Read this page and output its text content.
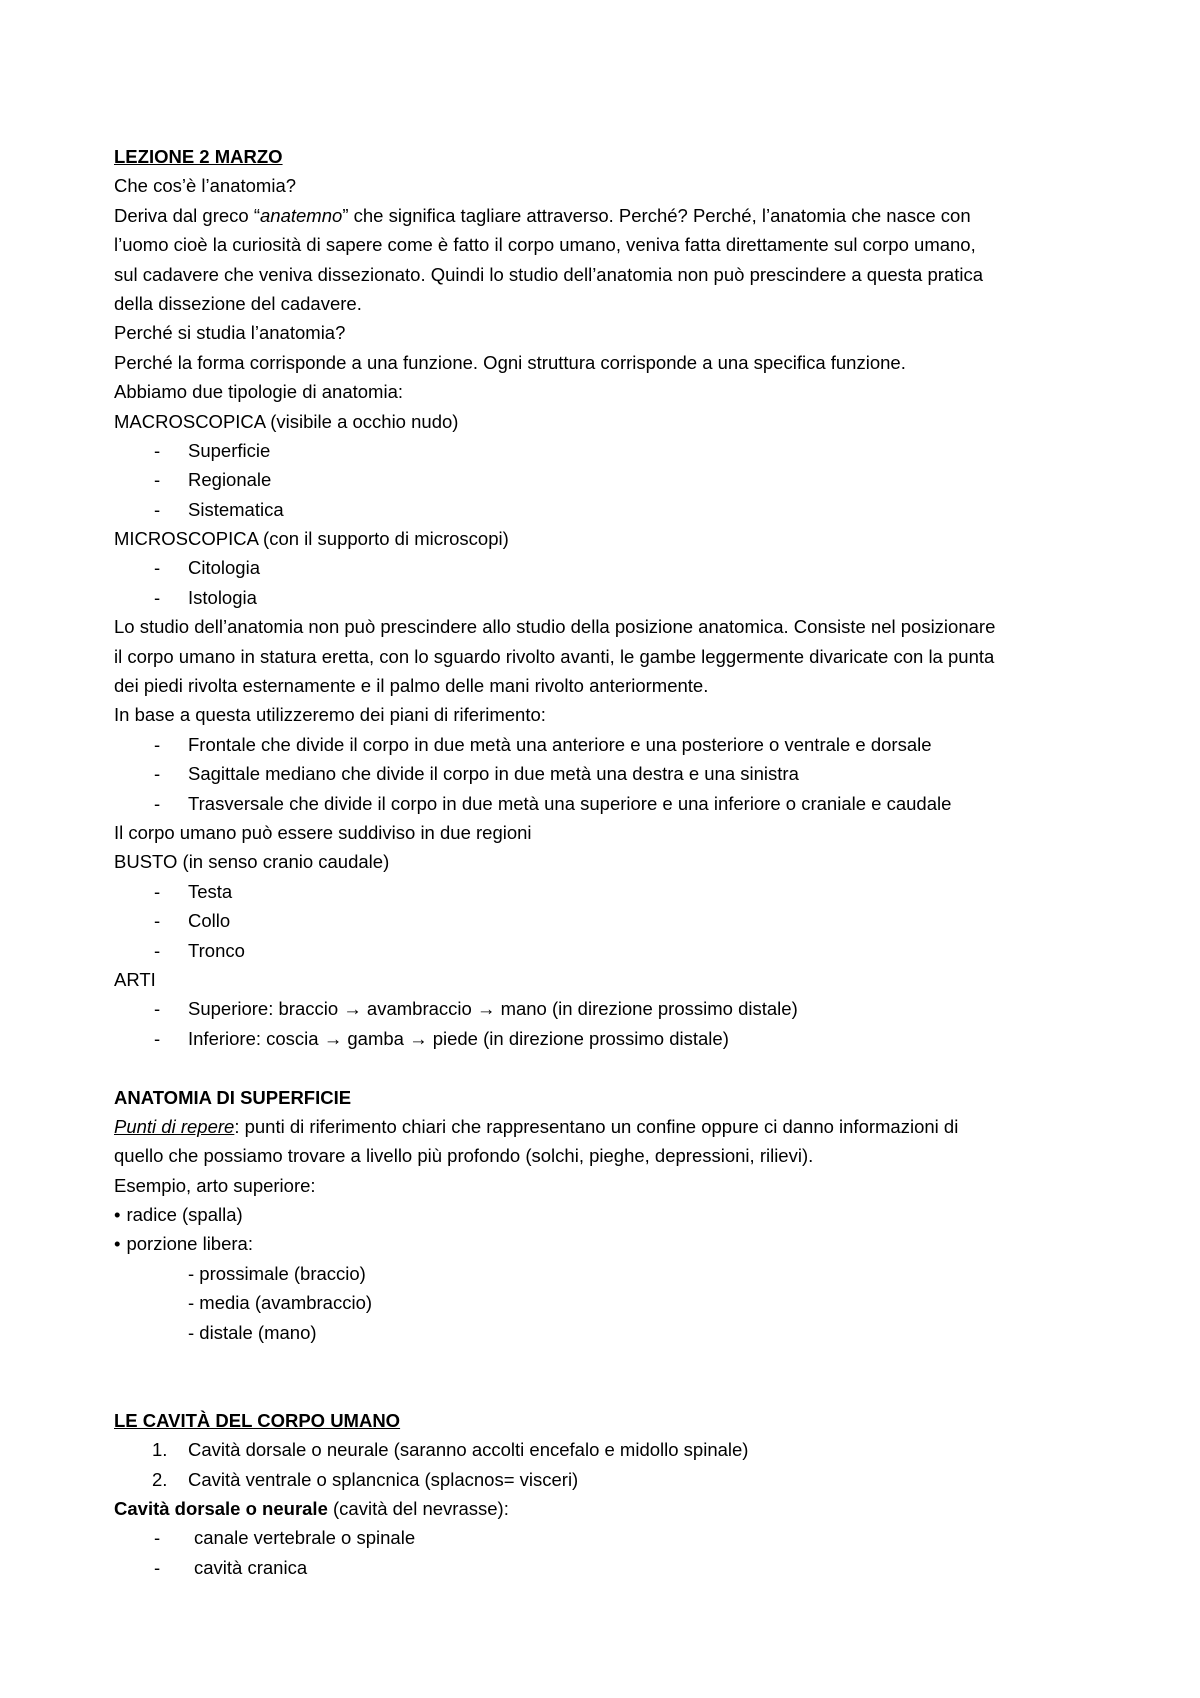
LEZIONE 2 MARZO
Che cos’è l’anatomia?
Deriva dal greco “anatemno” che significa tagliare attraverso. Perché? Perché, l’anatomia che nasce con
l’uomo cioè la curiosità di sapere come è fatto il corpo umano, veniva fatta direttamente sul corpo umano,
sul cadavere che veniva dissezionato. Quindi lo studio dell’anatomia non può prescindere a questa pratica
della dissezione del cadavere.
Perché si studia l’anatomia?
Perché la forma corrisponde a una funzione. Ogni struttura corrisponde a una specifica funzione.
Abbiamo due tipologie di anatomia:
MACROSCOPICA (visibile a occhio nudo)
- Superficie
- Regionale
- Sistematica
MICROSCOPICA (con il supporto di microscopi)
- Citologia
- Istologia
Lo studio dell’anatomia non può prescindere allo studio della posizione anatomica. Consiste nel posizionare
il corpo umano in statura eretta, con lo sguardo rivolto avanti, le gambe leggermente divaricate con la punta
dei piedi rivolta esternamente e il palmo delle mani rivolto anteriormente.
In base a questa utilizzeremo dei piani di riferimento:
- Frontale che divide il corpo in due metà una anteriore e una posteriore o ventrale e dorsale
- Sagittale mediano che divide il corpo in due metà una destra e una sinistra
- Trasversale che divide il corpo in due metà una superiore e una inferiore o craniale e caudale
Il corpo umano può essere suddiviso in due regioni
BUSTO (in senso cranio caudale)
- Testa
- Collo
- Tronco
ARTI
- Superiore: braccio → avambraccio → mano (in direzione prossimo distale)
- Inferiore: coscia → gamba → piede (in direzione prossimo distale)
ANATOMIA DI SUPERFICIE
Punti di repere: punti di riferimento chiari che rappresentano un confine oppure ci danno informazioni di
quello che possiamo trovare a livello più profondo (solchi, pieghe, depressioni, rilievi).
Esempio, arto superiore:
• radice (spalla)
• porzione libera:
- prossimale (braccio)
- media (avambraccio)
- distale (mano)
LE CAVITÀ DEL CORPO UMANO
1. Cavità dorsale o neurale (saranno accolti encefalo e midollo spinale)
2. Cavità ventrale o splancnica (splacnos= visceri)
Cavità dorsale o neurale (cavità del nevrasse):
- canale vertebrale o spinale
- cavità cranica
